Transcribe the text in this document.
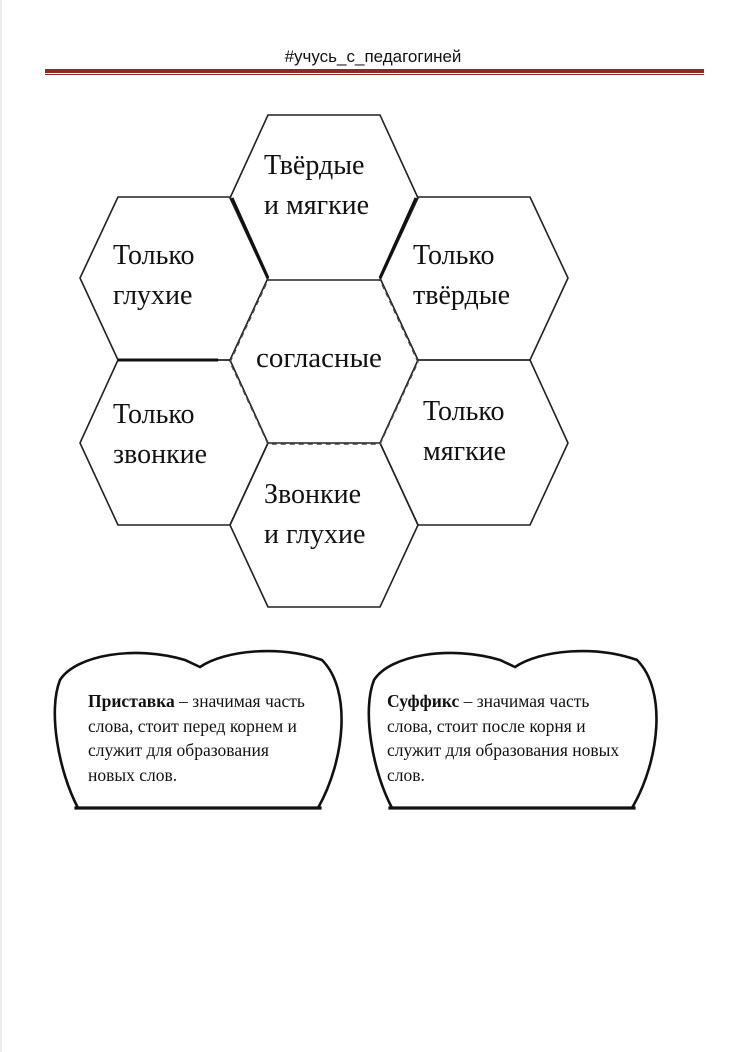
#учусь_с_педагогиней
Твёрдые
и мягкие
Только
глухие
Только
твёрдые
согласные
Только
звонкие
Только
мягкие
Звонкие
и глухие
Приставка – значимая часть слова, стоит перед корнем и служит для образования новых слов.
Суффикс – значимая часть слова, стоит после корня и служит для образования новых слов.
